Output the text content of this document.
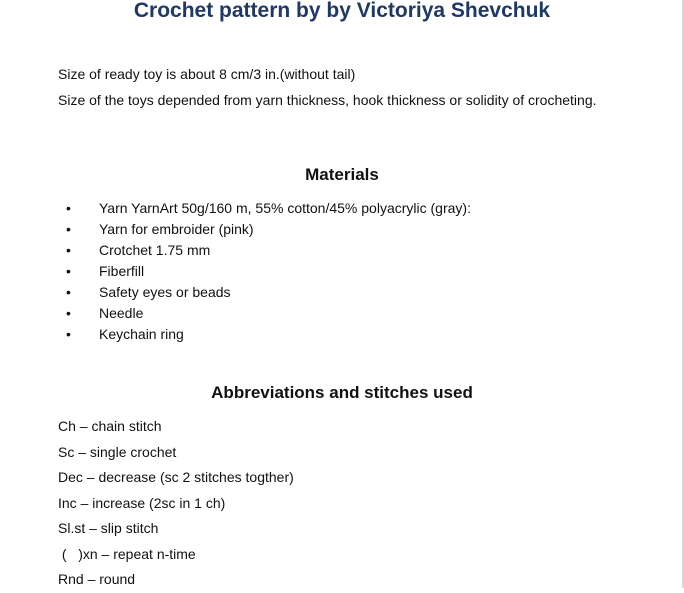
Crochet pattern by by Victoriya Shevchuk

Size of ready toy is about 8 cm/3 in.(without tail)

Size of the toys depended from yarn thickness, hook thickness or solidity of crocheting.

Materials
• Yarn YarnArt 50g/160 m, 55% cotton/45% polyacrylic (gray):
• Yarn for embroider (pink)
• Crotchet 1.75 mm
• Fiberfill
• Safety eyes or beads
• Needle
• Keychain ring
Abbreviations and stitches used
Ch – chain stitch
Sc – single crochet
Dec – decrease (sc 2 stitches togther)
Inc – increase (2sc in 1 ch)
Sl.st – slip stitch
(   )xn – repeat n-time
Rnd – round
